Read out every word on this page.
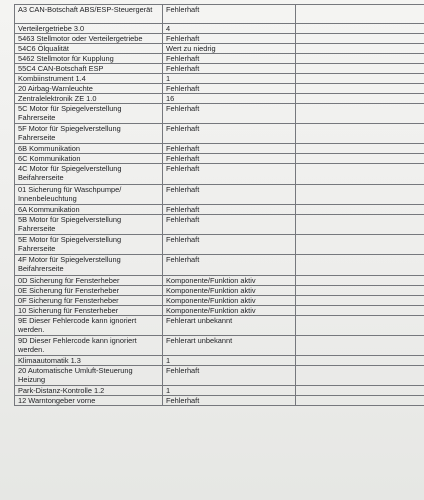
A3 CAN-Botschaft ABS/ESP-Steuergerät	Fehlerhaft	
Verteilergetriebe 3.0	4	
5463 Stellmotor oder Verteilergetriebe	Fehlerhaft	
54C6 Ölqualität	Wert zu niedrig	
5462 Stellmotor für Kupplung	Fehlerhaft	
55C4 CAN-Botschaft ESP	Fehlerhaft	
Kombiinstrument 1.4	1	
20 Airbag-Warnleuchte	Fehlerhaft	
Zentralelektronik ZE 1.0	16	
5C Motor für Spiegelverstellung Fahrerseite	Fehlerhaft	
5F Motor für Spiegelverstellung Fahrerseite	Fehlerhaft	
6B Kommunikation	Fehlerhaft	
6C Kommunikation	Fehlerhaft	
4C Motor für Spiegelverstellung Beifahrerseite	Fehlerhaft	
01 Sicherung für Waschpumpe/ Innenbeleuchtung	Fehlerhaft	
6A Kommunikation	Fehlerhaft	
5B Motor für Spiegelverstellung Fahrerseite	Fehlerhaft	
5E Motor für Spiegelverstellung Fahrerseite	Fehlerhaft	
4F Motor für Spiegelverstellung Beifahrerseite	Fehlerhaft	
0D Sicherung für Fensterheber	Komponente/Funktion aktiv	
0E Sicherung für Fensterheber	Komponente/Funktion aktiv	
0F Sicherung für Fensterheber	Komponente/Funktion aktiv	
10 Sicherung für Fensterheber	Komponente/Funktion aktiv	
9E Dieser Fehlercode kann ignoriert werden.	Fehlerart unbekannt	
9D Dieser Fehlercode kann ignoriert werden.	Fehlerart unbekannt	
Klimaautomatik 1.3	1	
20 Automatische Umluft-Steuerung Heizung	Fehlerhaft	
Park-Distanz-Kontrolle 1.2	1	
12 Warntongeber vorne	Fehlerhaft	
